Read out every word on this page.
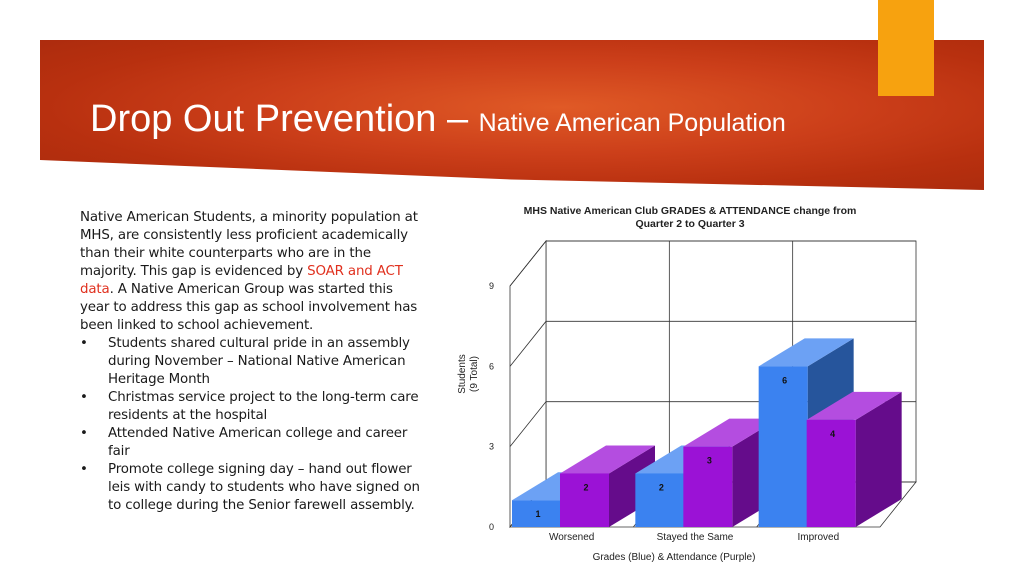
Drop Out Prevention – Native American Population

Native American Students, a minority population at MHS, are consistently less proficient academically than their white counterparts who are in the majority. This gap is evidenced by SOAR and ACT data. A Native American Group was started this year to address this gap as school involvement has been linked to school achievement.

•	Students shared cultural pride in an assembly during November – National Native American Heritage Month
•	Christmas service project to the long-term care residents at the hospital
•	Attended Native American college and career fair
•	Promote college signing day – hand out flower leis with candy to students who have signed on to college during the Senior farewell assembly.
MHS Native American Club GRADES & ATTENDANCE change from
Quarter 2 to Quarter 3
0
3
6
9
1
2
Worsened
2
3
Stayed the Same
6
4
Improved
Grades (Blue) & Attendance (Purple)
Students (9 Total)
